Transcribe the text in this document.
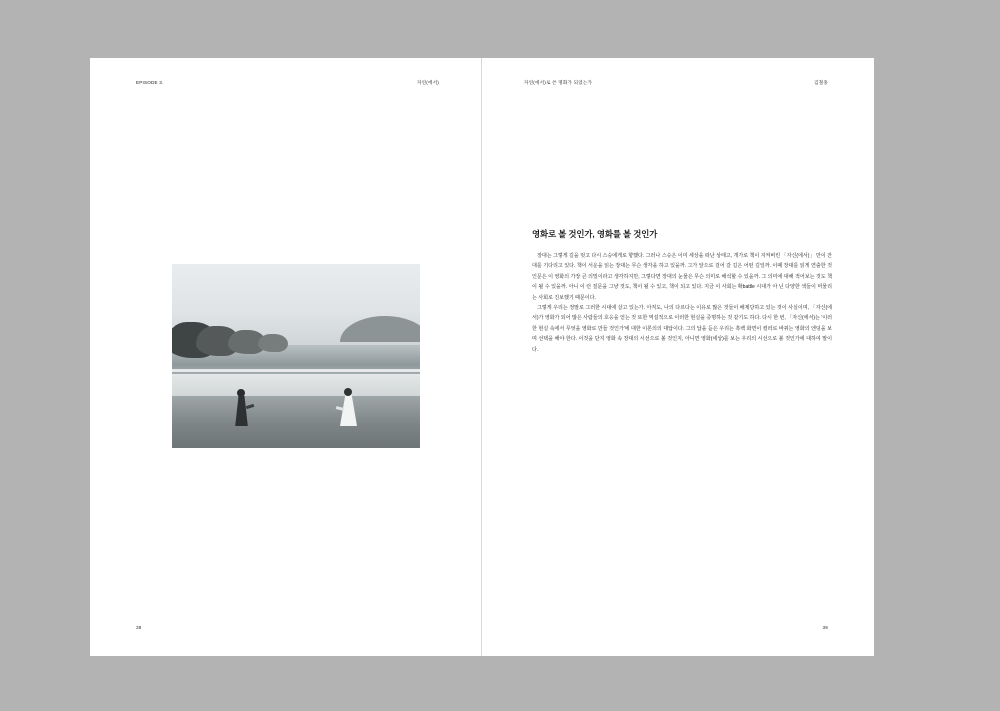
EPISODE 3.	자연(에서)
38
자연(에서)로 쓴 명화가 되었는가	김철홍
영화로 볼 것인가, 영화를 볼 것인가

장대는 그렇게 길을 멋고 다시 스승에게로 향했다. 그러나 스승은 이미 세상을 떠난 상태고, 개가로 책이 지켜버린 「자신(에서)」 만이 잔대를 기다리고 있다. 책이 서운을 읽는 장대는 무슨 생각을 하고 있을까. 그가 앞으로 걸어 갈 길은 어떤 길일까. 이때 장대를 읽게 연출한 것인문은 이 영화의 가장 큰 의밀이라고 생각하지만, 그렇다면 장대의 눈물은 무슨 의미로 해석할 수 있을까. 그 의미에 대해 적어보는 것도 책이 될 수 있을까. 아니 이 런 질문을 그냥 것도, 책이 될 수 있고, 책이 되고 있다. 지금 이 사회는 확battle 시대가 아 닌 다양한 색들이 머물리는 사회로 진보했기 때문이다.

그렇게 우리는 정말로 그러한 시대에 살고 있는가. 아직도, 나의 다르다는 이유로 많은 것들이 배제당하고 있는 것이 사실이며, 「자신(에서)가 영화가 되어 많은 사람들의 호응을 얻는 것 또한 역설적으로 이러한 현실을 증명하는 것 같기도 하다. 다시 한 번, 「자신(에서)는 '이러한 현실 속에서 무엇을 영화로 만들 것인가'에 대한 이론의의 대답이다. 그의 답을 듣은 우리는 흑백 화면이 컬러로 바뀌는 영화의 엔딩을 보며 선택을 해야 한다. 이것을 단지 영화 속 장대의 시선으로 볼 것인지, 아니면 영화(세상)를 보는 우리의 시선으로 볼 것인가에 대하여 말이다.

39
